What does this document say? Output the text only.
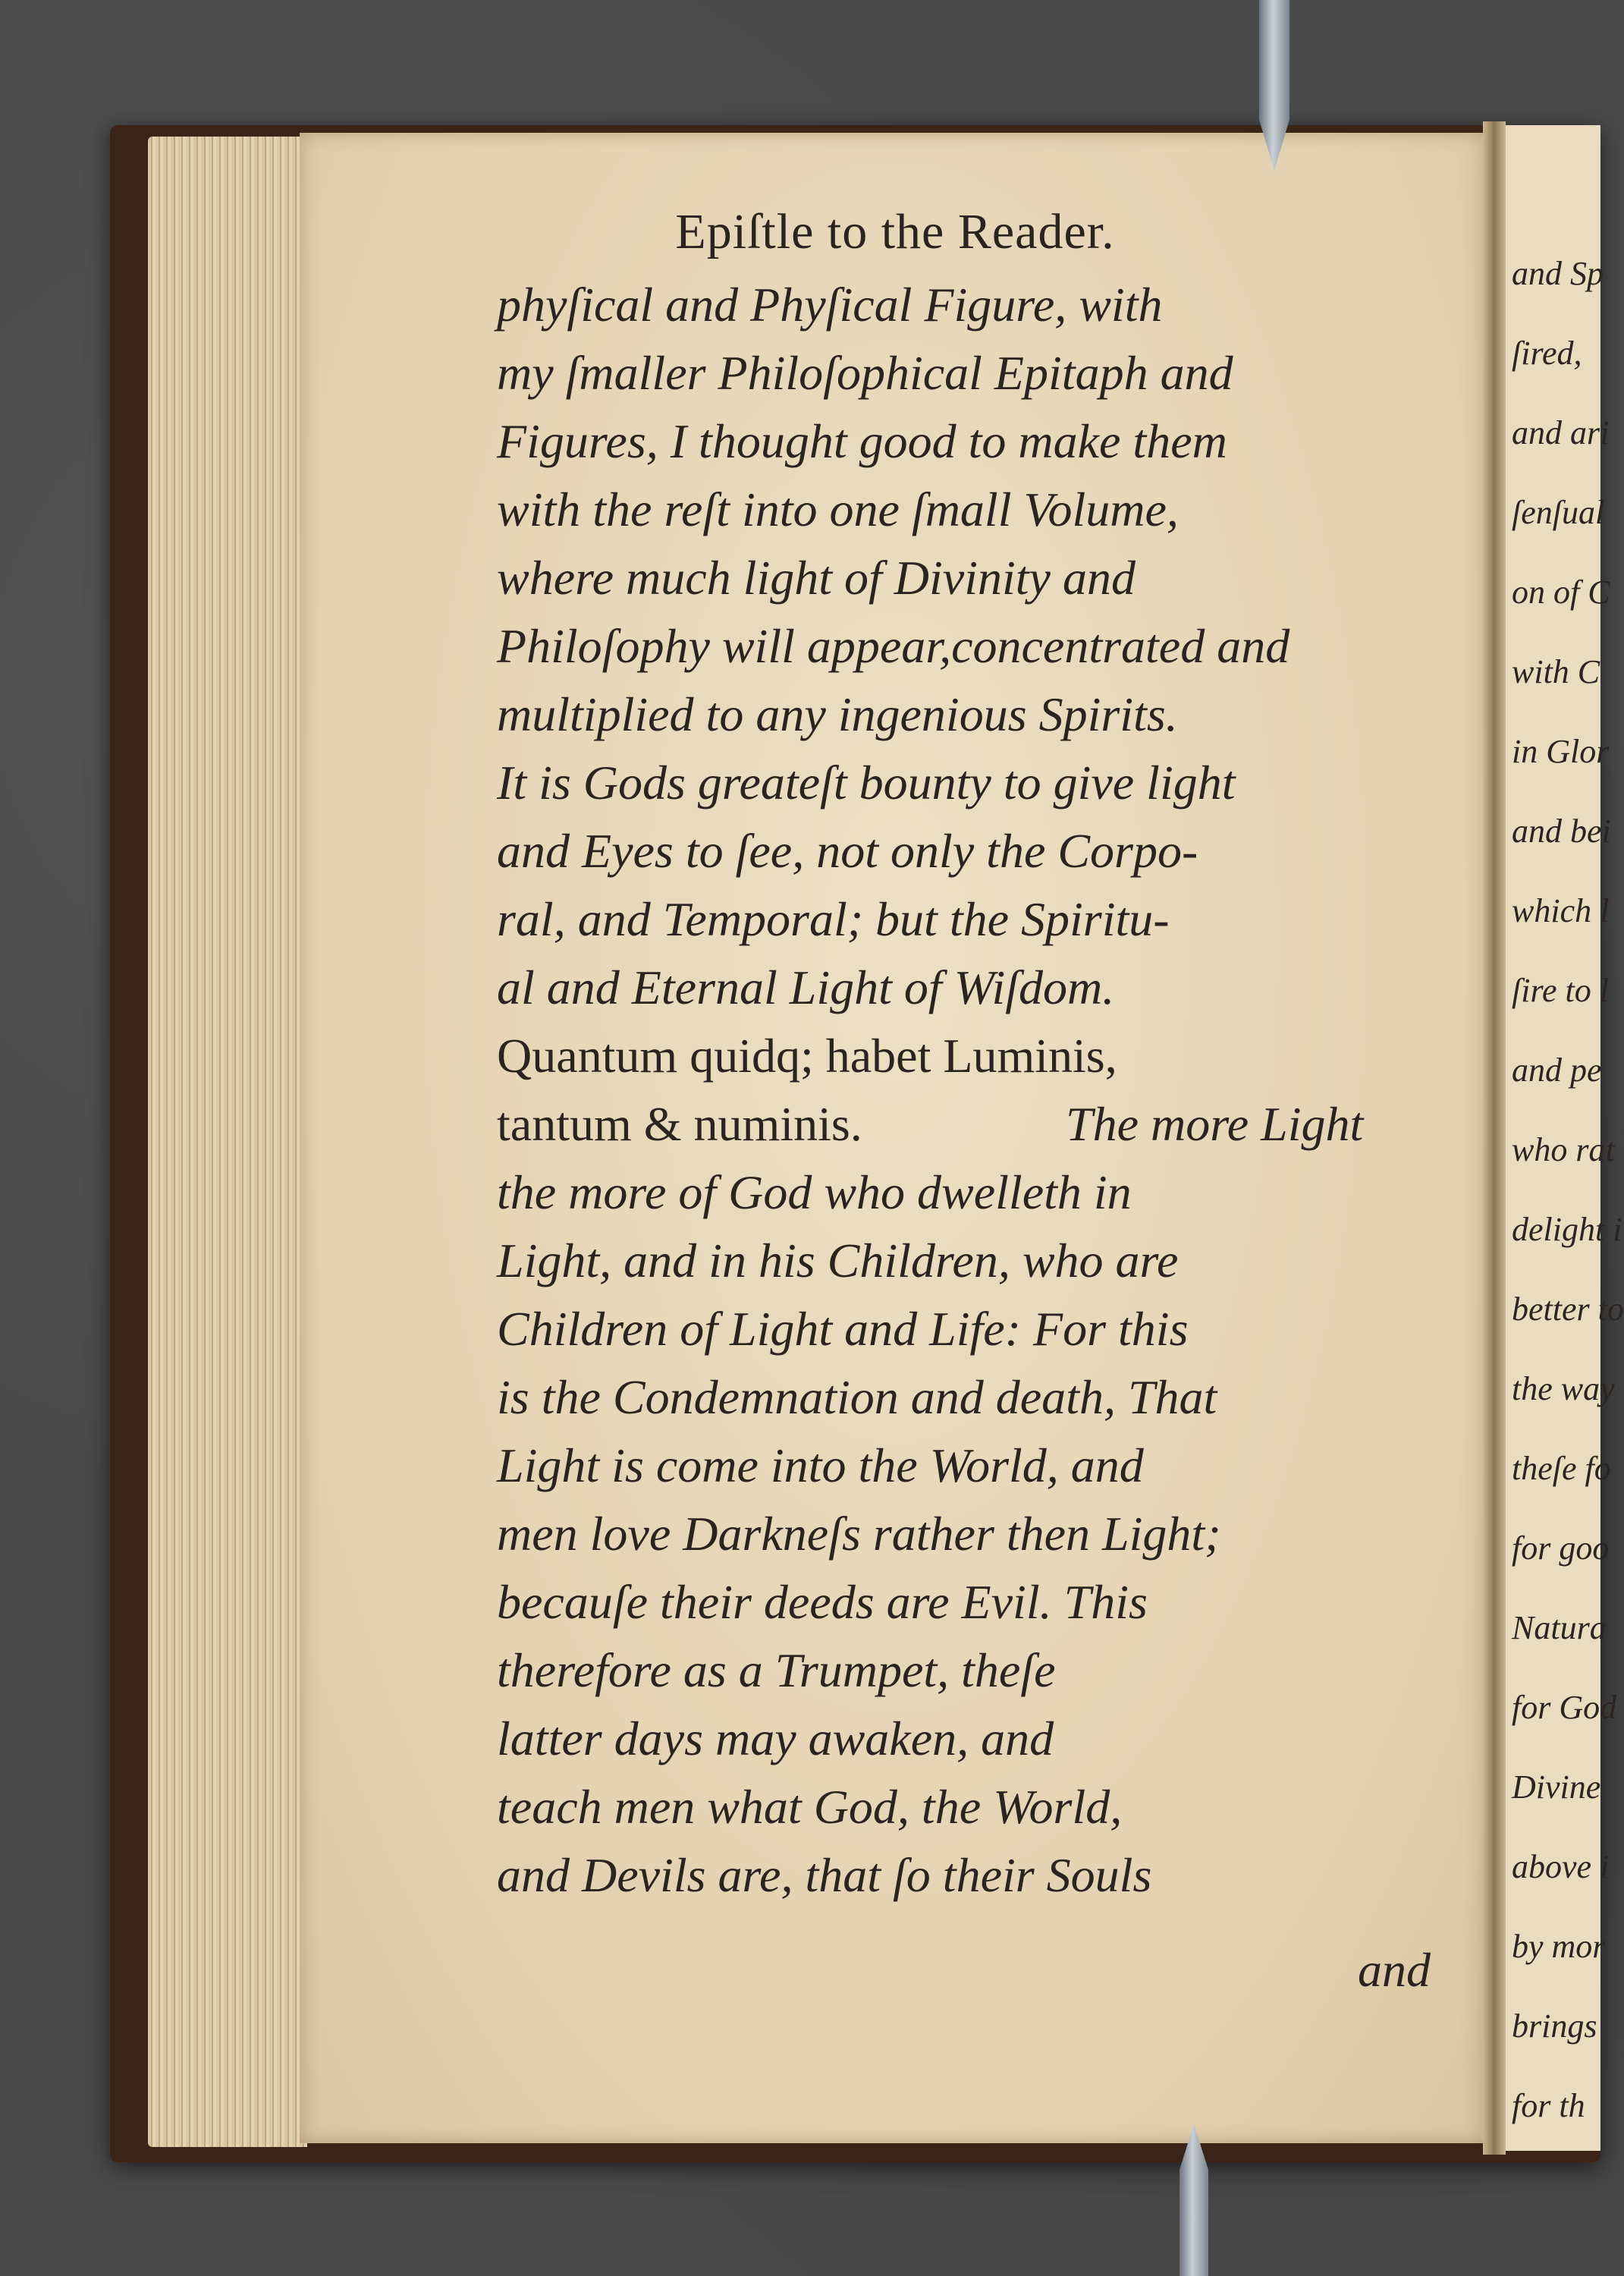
and Sp
ſired,
and ari
ſenſual
on of C
with C
in Glor
and bei
which l
ſire to l
and pe
who rat
delight i
better to
the way
theſe fo
for goo
Natura
for God
Divine
above i
by mor
brings
for th
Epiſtle to the Reader.
phyſical and Phyſical Figure, with
my ſmaller Philoſophical Epitaph and
Figures, I thought good to make them
with the reſt into one ſmall Volume,
where much light of Divinity and
Philoſophy will appear,concentrated and
multiplied to any ingenious Spirits.
It is Gods greateſt bounty to give light
and Eyes to ſee, not only the Corpo-
ral, and Temporal; but the Spiritu-
al and Eternal Light of Wiſdom.
Quantum quidq; habet Luminis,
tantum & numinis.	The more Light
the more of God who dwelleth in
Light, and in his Children, who are
Children of Light and Life: For this
is the Condemnation and death, That
Light is come into the World, and
men love Darkneſs rather then Light;
becauſe their deeds are Evil. This
therefore as a Trumpet, theſe
latter days may awaken, and
teach men what God, the World,
and Devils are, that ſo their Souls
and
